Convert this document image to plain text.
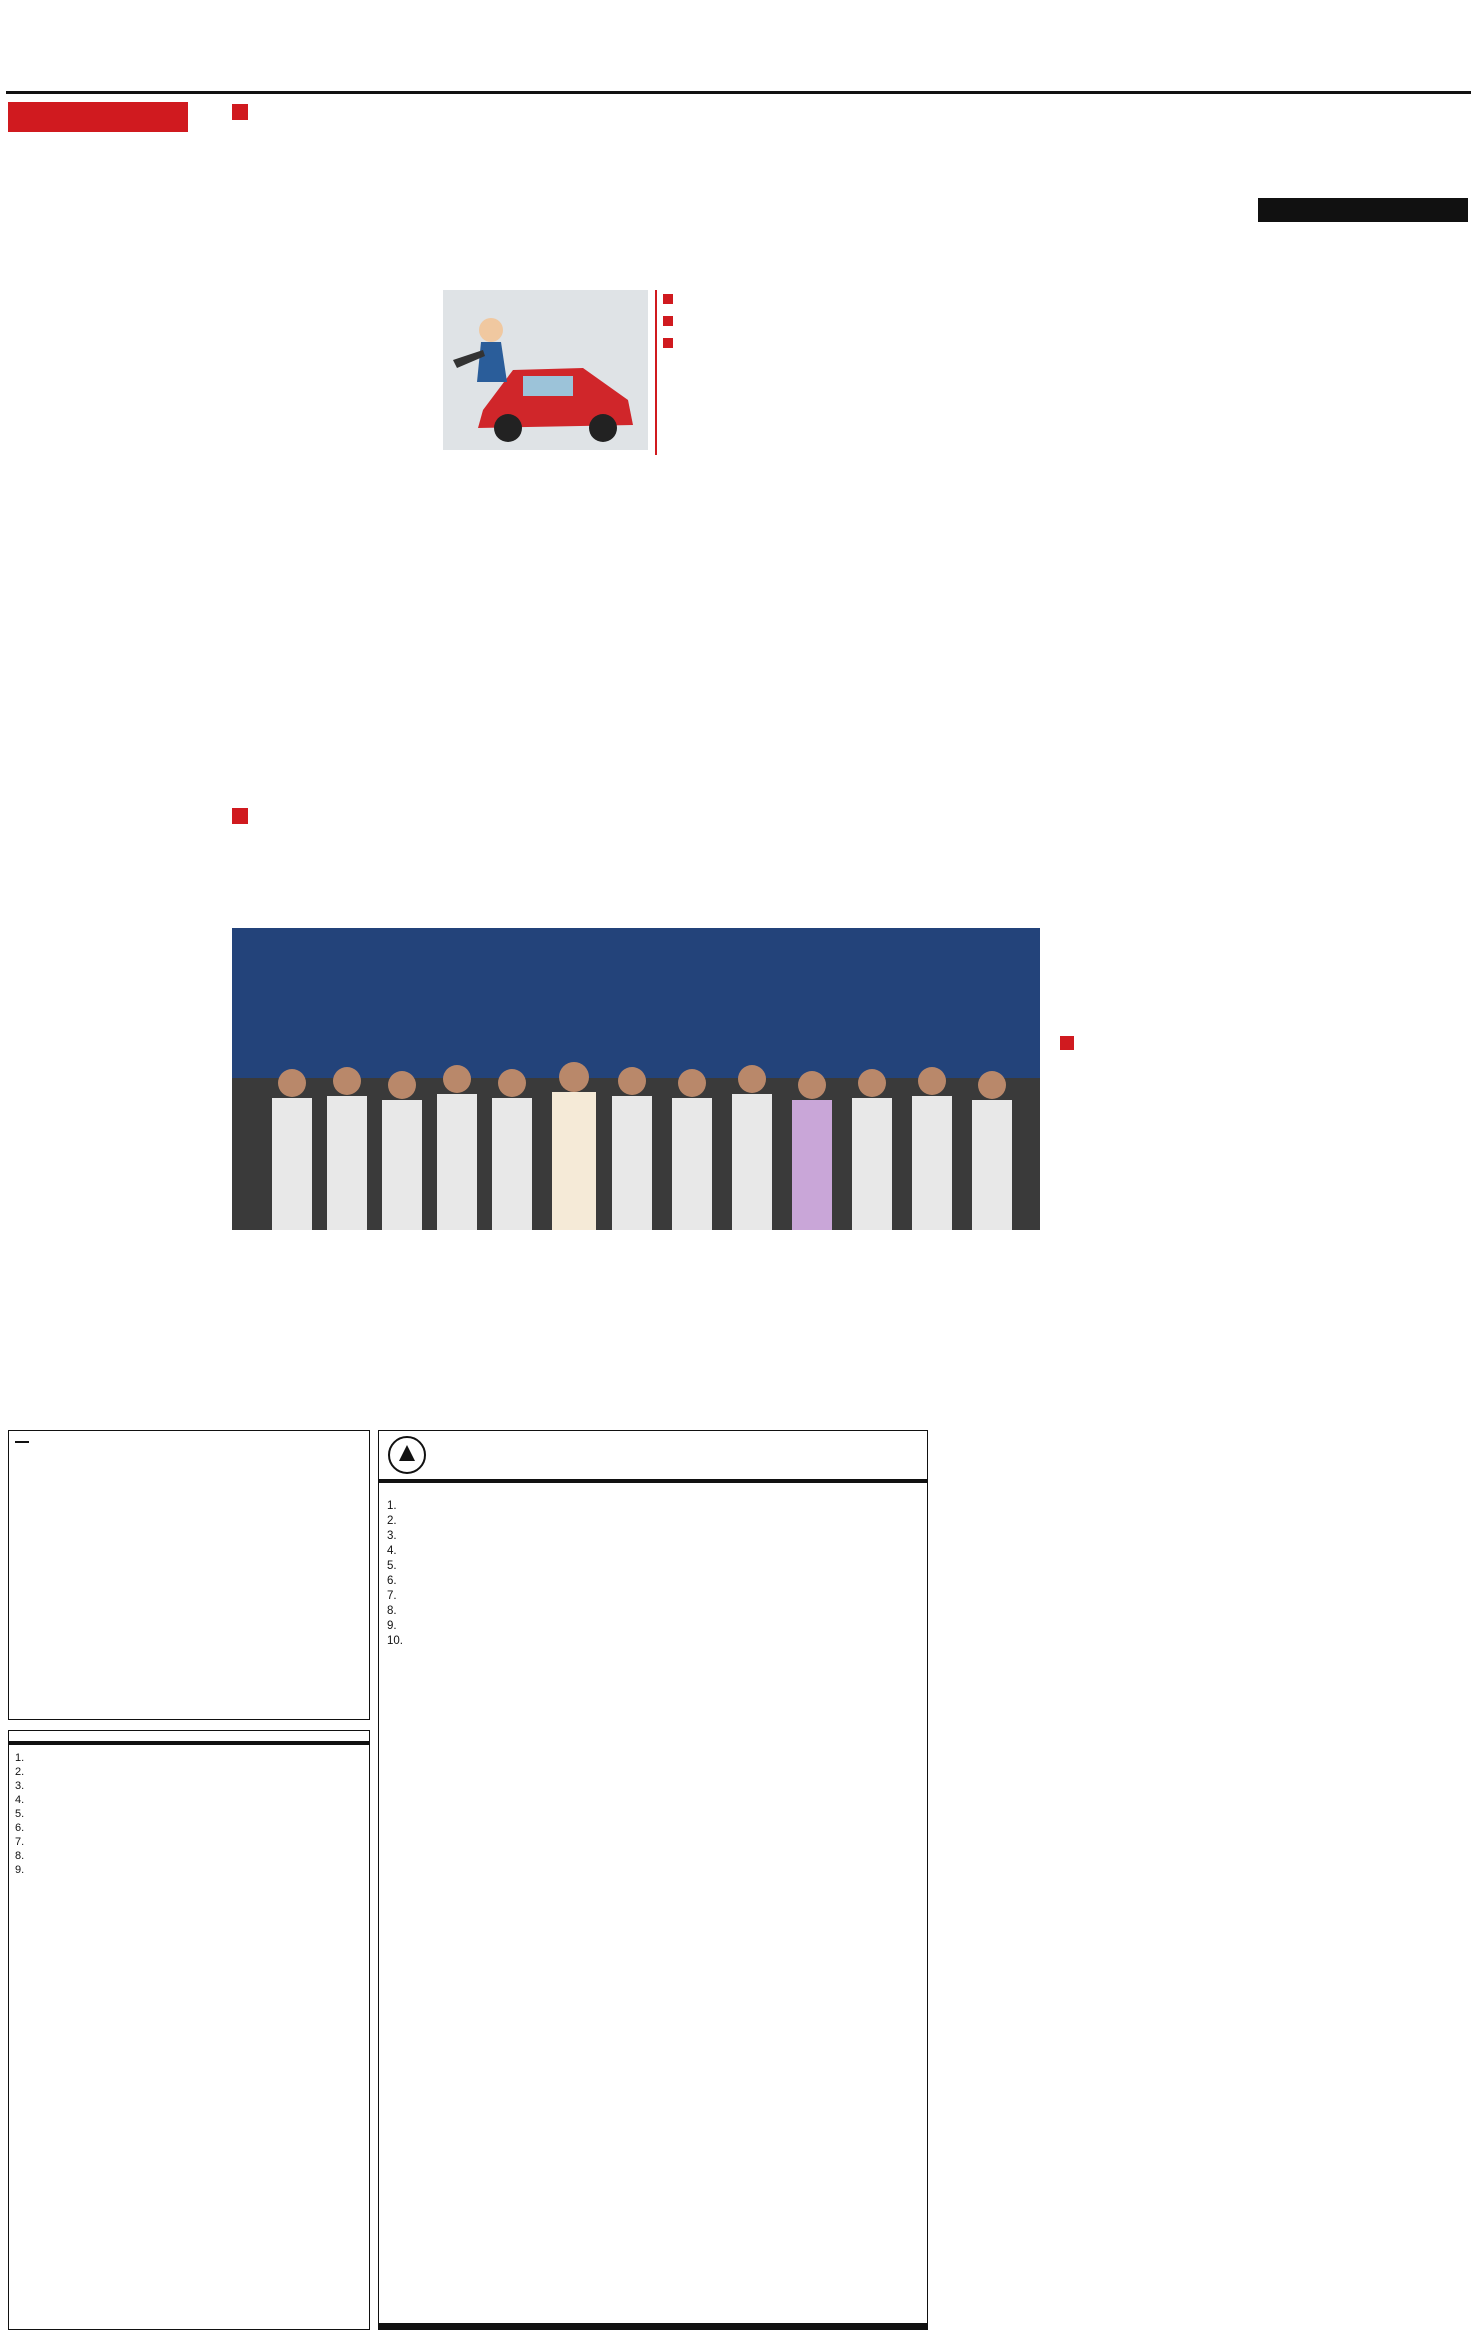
1.
2.
3.
4.
5.
6.
7.
8.
9.
1.
2.
3.
4.
5.
6.
7.
8.
9.
10.
